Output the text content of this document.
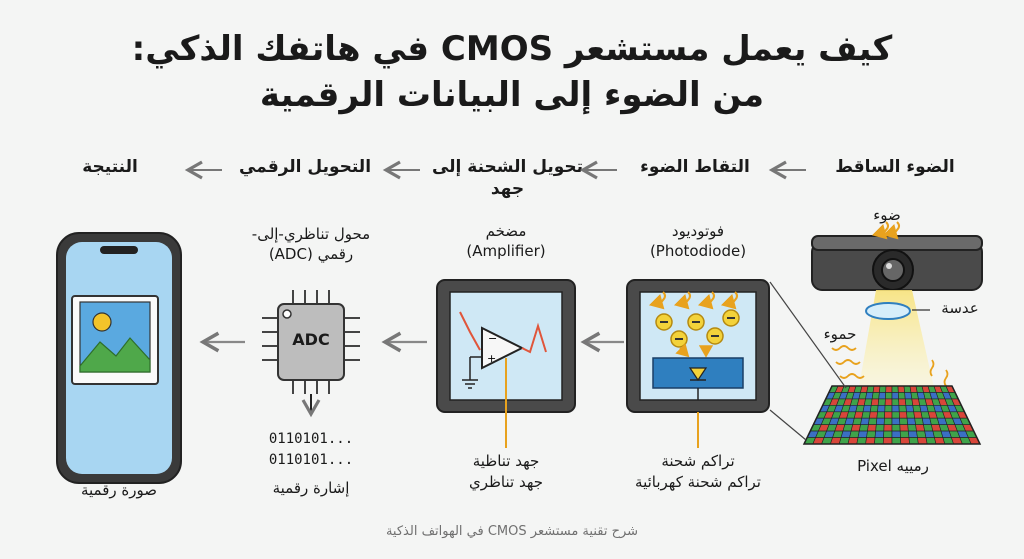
كيف يعمل مستشعر CMOS في هاتفك الذكي:
من الضوء إلى البيانات الرقمية
الضوء الساقط
التقاط الضوء
تحويل الشحنة إلى جهد
التحويل الرقمي
النتيجة
−
+
ضوء
عدسة
حموء
رمييه Pixel
فوتوديود
(Photodiode)
تراكم شحنة
تراكم شحنة كهربائية
مضخم
(Amplifier)
جهد تناظية
جهد تناظري
محول تناظري-إلى-
رقمي (ADC)
ADC
0110101...
0110101...
إشارة رقمية
صورة رقمية
شرح تقنية مستشعر CMOS في الهواتف الذكية
